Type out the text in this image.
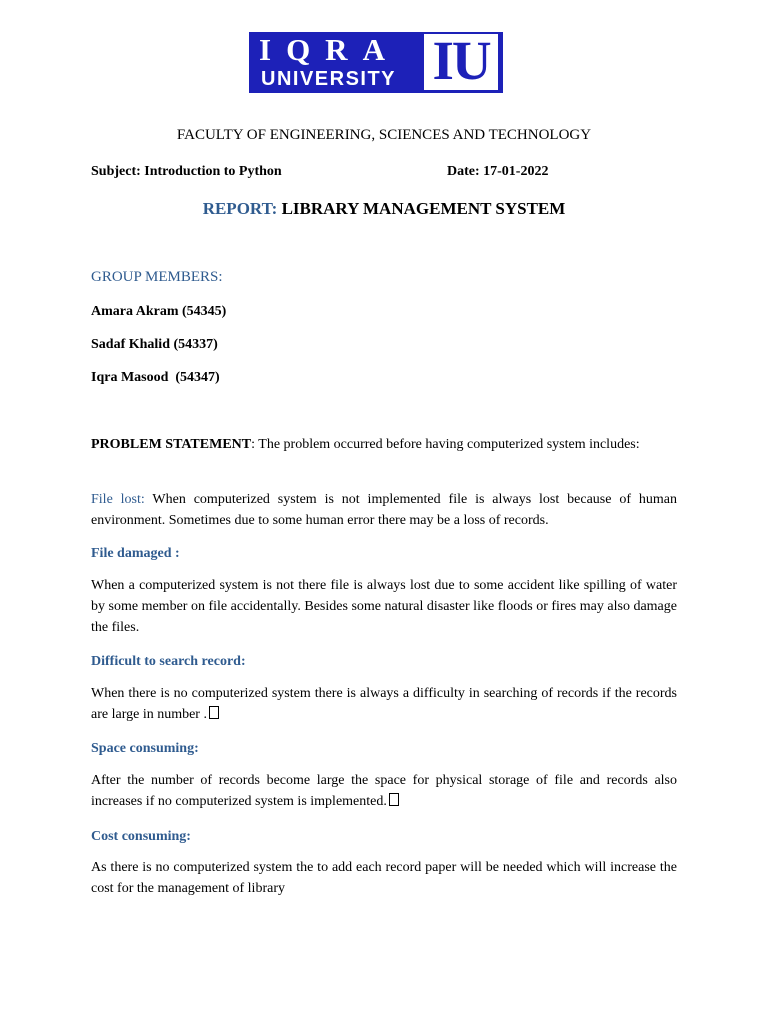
IQRA
UNIVERSITY IU
FACULTY OF ENGINEERING, SCIENCES AND TECHNOLOGY
Subject: Introduction to Python	Date: 17-01-2022
REPORT: LIBRARY MANAGEMENT SYSTEM
GROUP MEMBERS:
Amara Akram (54345)
Sadaf Khalid (54337)
Iqra Masood  (54347)
PROBLEM STATEMENT: The problem occurred before having computerized system includes:
File lost: When computerized system is not implemented file is always lost because of human environment. Sometimes due to some human error there may be a loss of records.
File damaged :
When a computerized system is not there file is always lost due to some accident like spilling of water by some member on file accidentally. Besides some natural disaster like floods or fires may also damage the files.
Difficult to search record:
When there is no computerized system there is always a difficulty in searching of records if the records are large in number .
Space consuming:
After the number of records become large the space for physical storage of file and records also increases if no computerized system is implemented.
Cost consuming:
As there is no computerized system the to add each record paper will be needed which will increase the cost for the management of library
